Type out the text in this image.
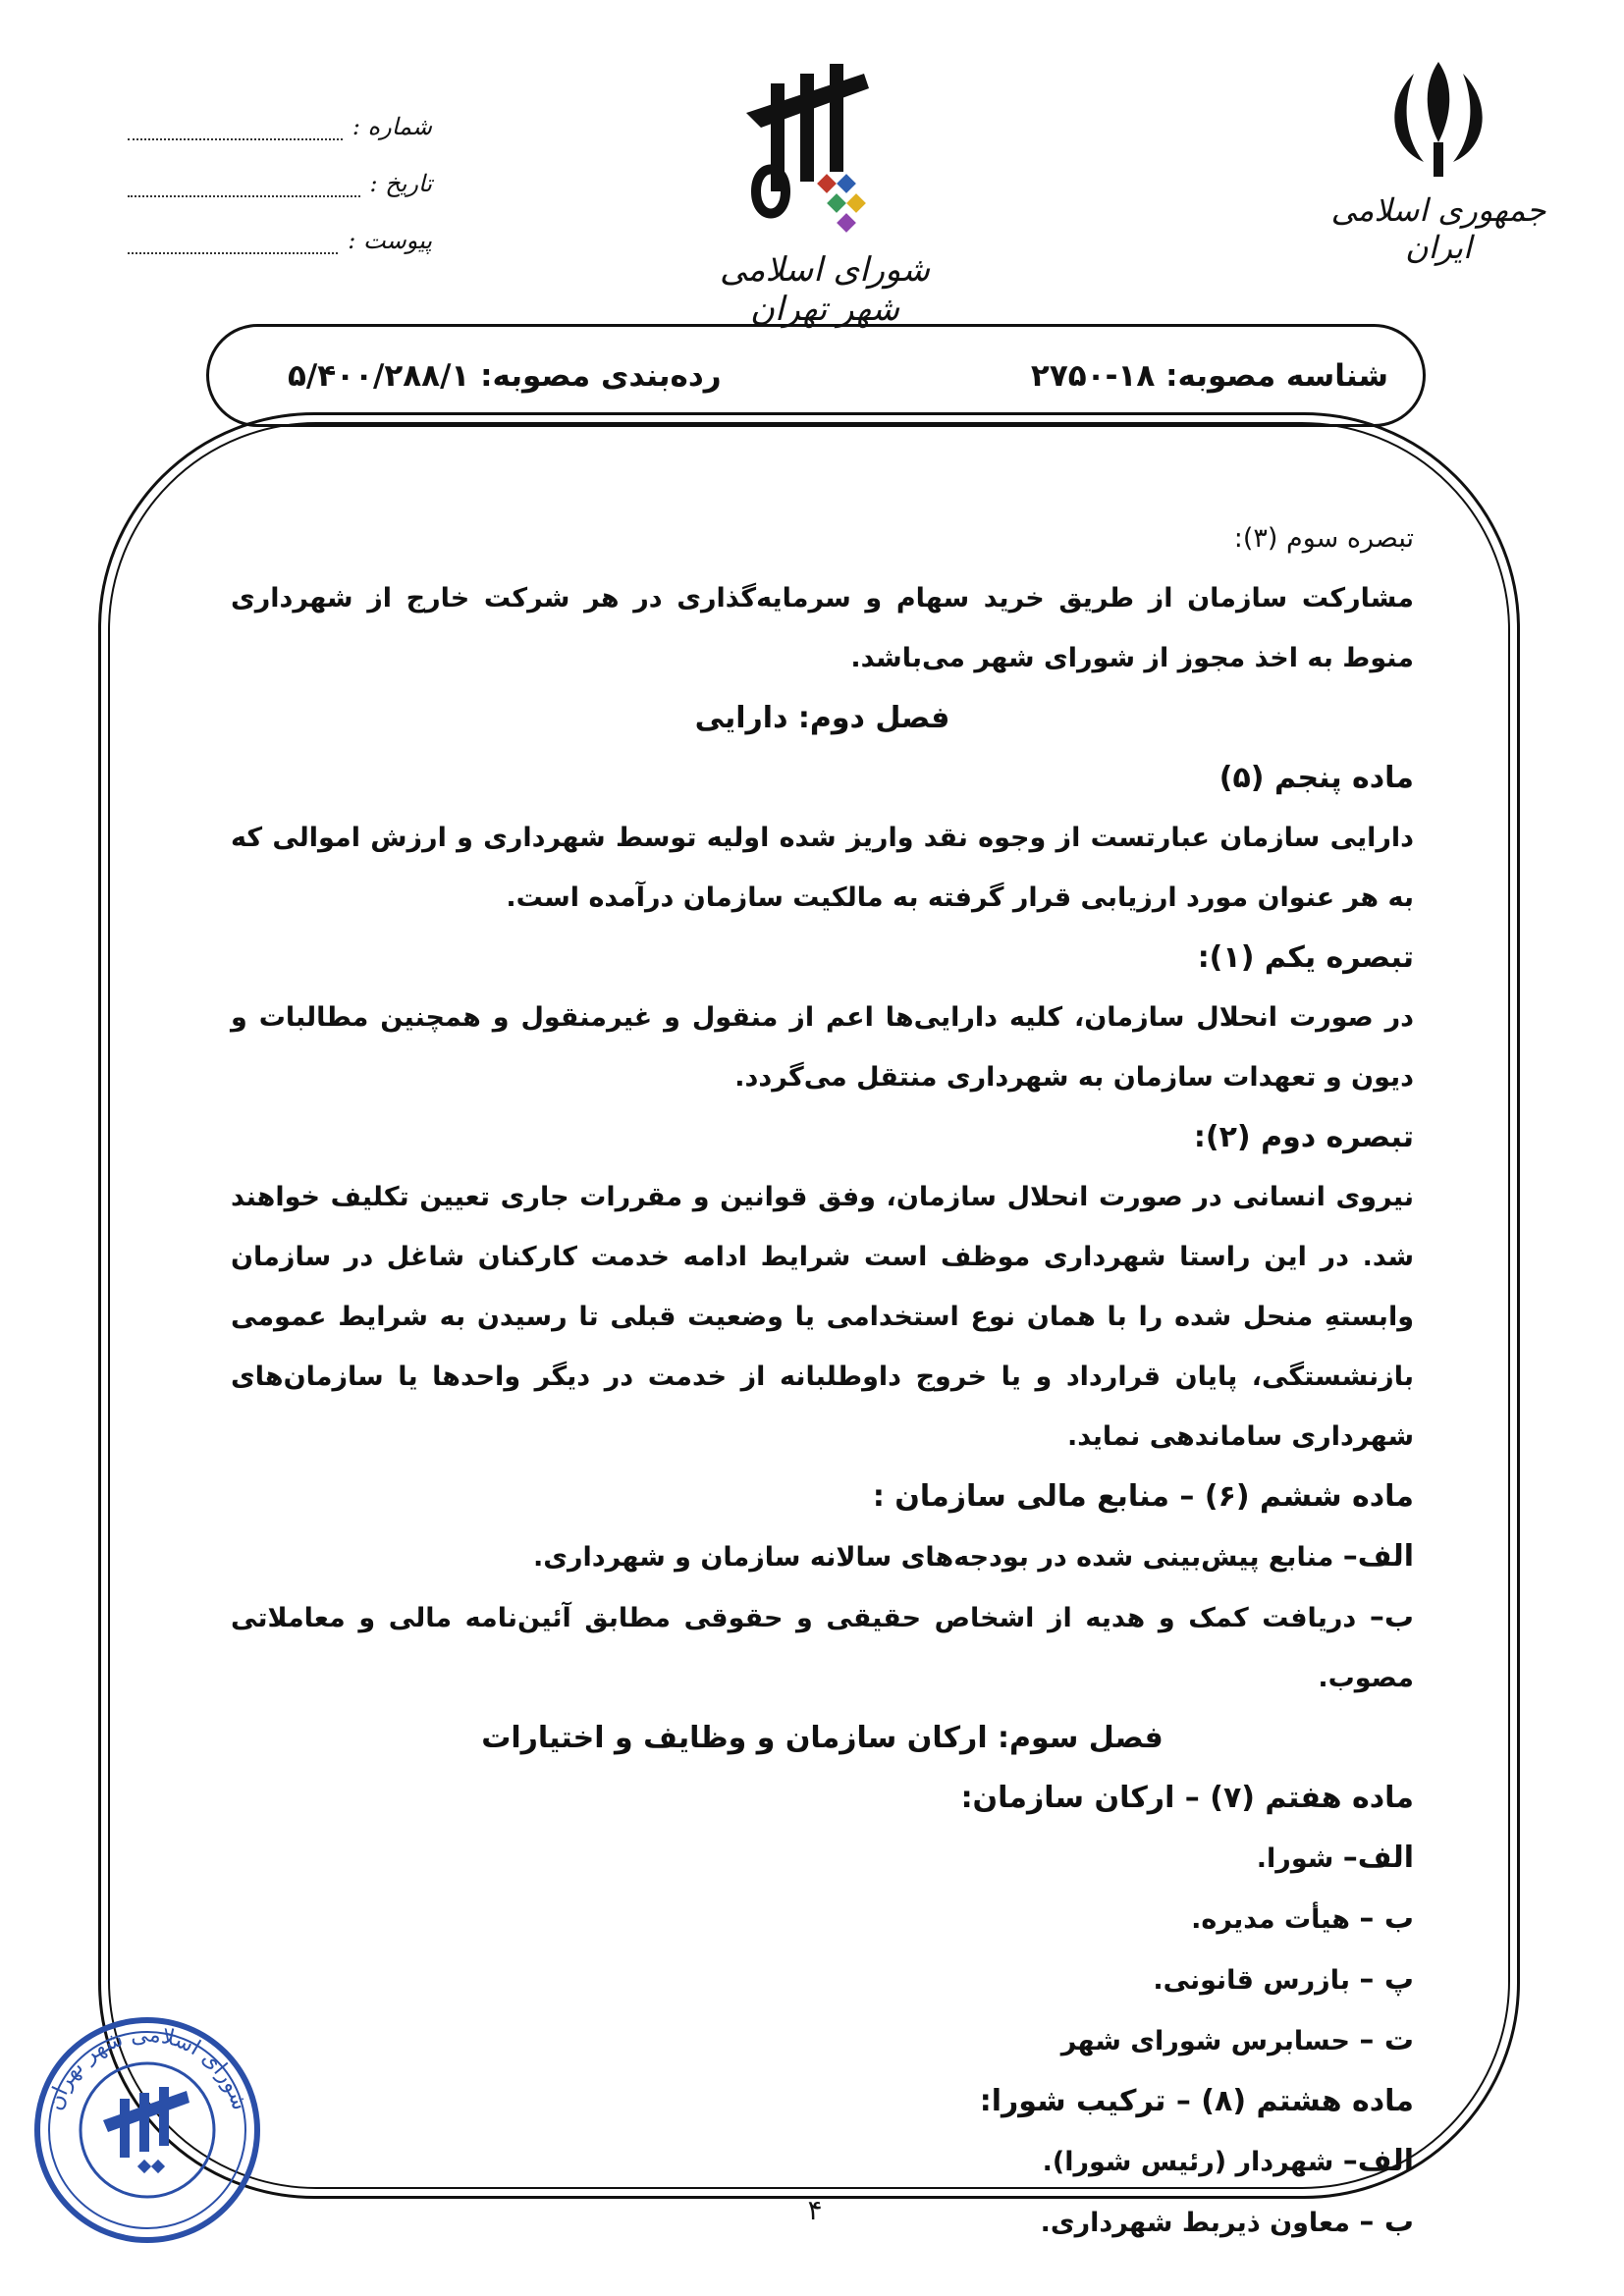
جمهوری اسلامی ایران
شورای اسلامی شهر تهران
شماره :
تاریخ :
پیوست :
شناسه مصوبه: ۱۸-۲۷۵۰
رده‌بندی مصوبه: ۵/۴۰۰/۲۸۸/۱

تبصره سوم (۳):

مشارکت سازمان از طریق خرید سهام و سرمایه‌گذاری در هر شرکت خارج از شهرداری منوط به اخذ مجوز از شورای شهر می‌باشد.

فصل دوم: دارایی

ماده پنجم (۵)

دارایی سازمان عبارتست از وجوه نقد واریز شده اولیه توسط شهرداری و ارزش اموالی که به هر عنوان مورد ارزیابی قرار گرفته به مالکیت سازمان درآمده است.

تبصره یکم (۱):

در صورت انحلال سازمان، کلیه دارایی‌ها اعم از منقول و غیرمنقول و همچنین مطالبات و دیون و تعهدات سازمان به شهرداری منتقل می‌گردد.

تبصره دوم (۲):

نیروی انسانی در صورت انحلال سازمان، وفق قوانین و مقررات جاری تعیین تکلیف خواهند شد. در این راستا شهرداری موظف است شرایط ادامه خدمت کارکنان شاغل در سازمان وابستهِ منحل شده را با همان نوع استخدامی یا وضعیت قبلی تا رسیدن به شرایط عمومی بازنشستگی، پایان قرارداد و یا خروج داوطلبانه از خدمت در دیگر واحدها یا سازمان‌های شهرداری ساماندهی نماید.

ماده ششم (۶) – منابع مالی سازمان :

الف– منابع پیش‌بینی شده در بودجه‌های سالانه سازمان و شهرداری.

ب– دریافت کمک و هدیه از اشخاص حقیقی و حقوقی مطابق آئین‌نامه مالی و معاملاتی مصوب.

فصل سوم: ارکان سازمان و وظایف و اختیارات

ماده هفتم (۷) – ارکان سازمان:

الف– شورا.

ب – هیأت مدیره.

پ – بازرس قانونی.

ت – حسابرس شورای شهر

ماده هشتم (۸) – ترکیب شورا:

الف– شهردار (رئیس شورا).

ب – معاون ذیربط شهرداری.

شورای اسلامی شهر تهران
۴
